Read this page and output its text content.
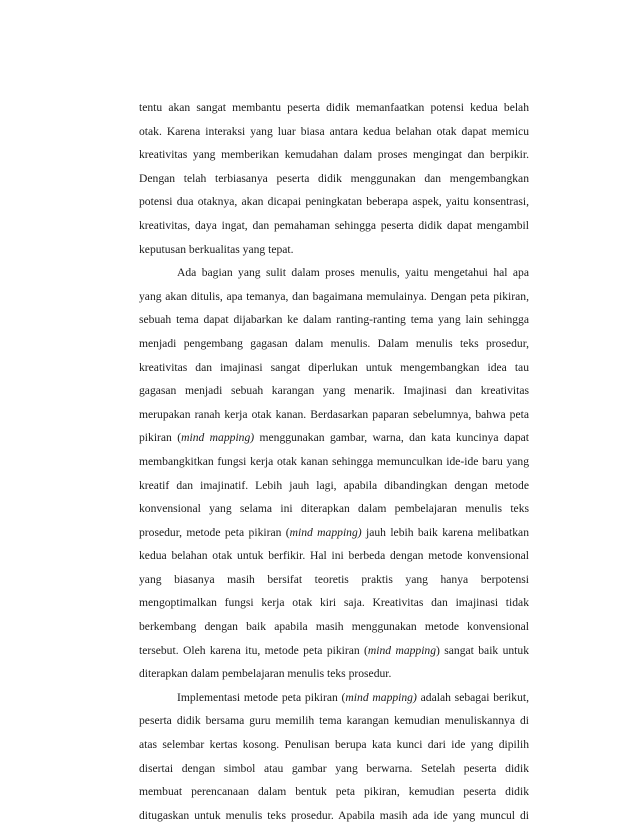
tentu akan sangat membantu peserta didik memanfaatkan potensi kedua belah
otak. Karena interaksi yang luar biasa antara kedua belahan otak dapat memicu
kreativitas yang memberikan kemudahan dalam proses mengingat dan berpikir.
Dengan telah terbiasanya peserta didik menggunakan dan mengembangkan
potensi dua otaknya, akan dicapai peningkatan beberapa aspek, yaitu konsentrasi,
kreativitas, daya ingat, dan pemahaman sehingga peserta didik dapat mengambil
keputusan berkualitas yang tepat.
Ada bagian yang sulit dalam proses menulis, yaitu mengetahui hal apa
yang akan ditulis, apa temanya, dan bagaimana memulainya. Dengan peta pikiran,
sebuah tema dapat dijabarkan ke dalam ranting-ranting tema yang lain sehingga
menjadi pengembang gagasan dalam menulis. Dalam menulis teks prosedur,
kreativitas dan imajinasi sangat diperlukan untuk mengembangkan idea tau
gagasan menjadi sebuah karangan yang menarik. Imajinasi dan kreativitas
merupakan ranah kerja otak kanan. Berdasarkan paparan sebelumnya, bahwa peta
pikiran (mind mapping) menggunakan gambar, warna, dan kata kuncinya dapat
membangkitkan fungsi kerja otak kanan sehingga memunculkan ide-ide baru yang
kreatif dan imajinatif. Lebih jauh lagi, apabila dibandingkan dengan metode
konvensional yang selama ini diterapkan dalam pembelajaran menulis teks
prosedur, metode peta pikiran (mind mapping) jauh lebih baik karena melibatkan
kedua belahan otak untuk berfikir. Hal ini berbeda dengan metode konvensional
yang biasanya masih bersifat teoretis praktis yang hanya berpotensi
mengoptimalkan fungsi kerja otak kiri saja. Kreativitas dan imajinasi tidak
berkembang dengan baik apabila masih menggunakan metode konvensional
tersebut. Oleh karena itu, metode peta pikiran (mind mapping) sangat baik untuk
diterapkan dalam pembelajaran menulis teks prosedur.
Implementasi metode peta pikiran (mind mapping) adalah sebagai berikut,
peserta didik bersama guru memilih tema karangan kemudian menuliskannya di
atas selembar kertas kosong. Penulisan berupa kata kunci dari ide yang dipilih
disertai dengan simbol atau gambar yang berwarna. Setelah peserta didik
membuat perencanaan dalam bentuk peta pikiran, kemudian peserta didik
ditugaskan untuk menulis teks prosedur. Apabila masih ada ide yang muncul di
